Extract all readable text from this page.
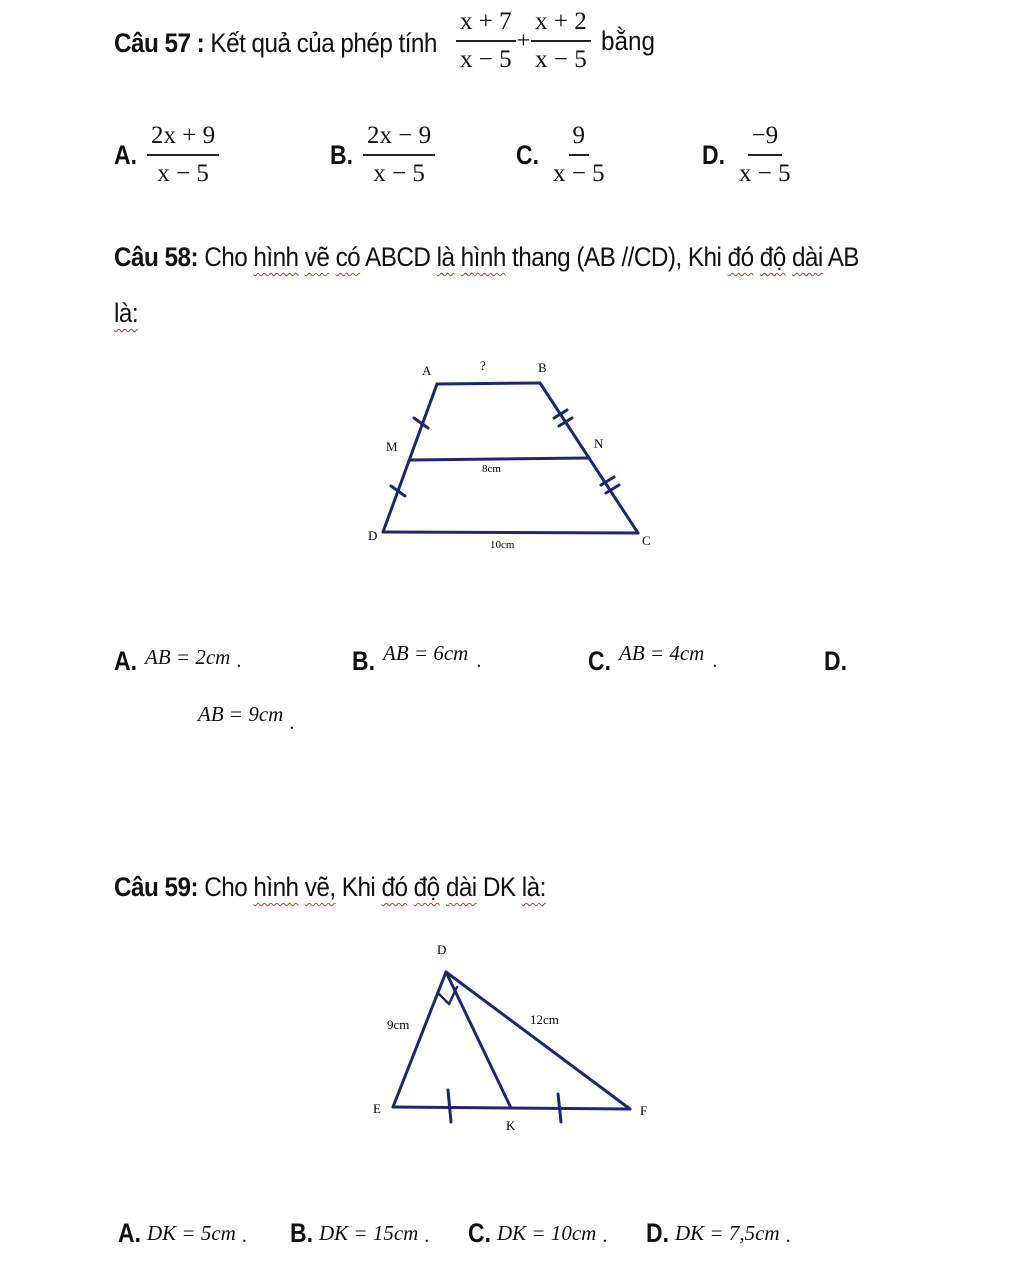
Câu 57 : Kết quả của phép tính $\frac{x + 7}{x - 5} + \frac{x + 2}{x - 5}$ bằng
A. $\frac{2x + 9}{x - 5}$	B. $\frac{2x - 9}{x - 5}$	C. $\frac{9}{x - 5}$	D. $\frac{-9}{x - 5}$
Câu 58: Cho hình vẽ có ABCD là hình thang (AB //CD), Khi đó độ dài AB
là:
A	?	B
M	N
8cm
D
10cm	C
A. AB = 2cm .	B. AB = 6cm .	C. AB = 4cm .	D.
AB = 9cm .
Câu 59: Cho hình vẽ, Khi đó độ dài DK là:
D
9cm	12cm
E
K
F
A. DK = 5cm . B. DK = 15cm . C. DK = 10cm . D. DK = 7,5cm .
